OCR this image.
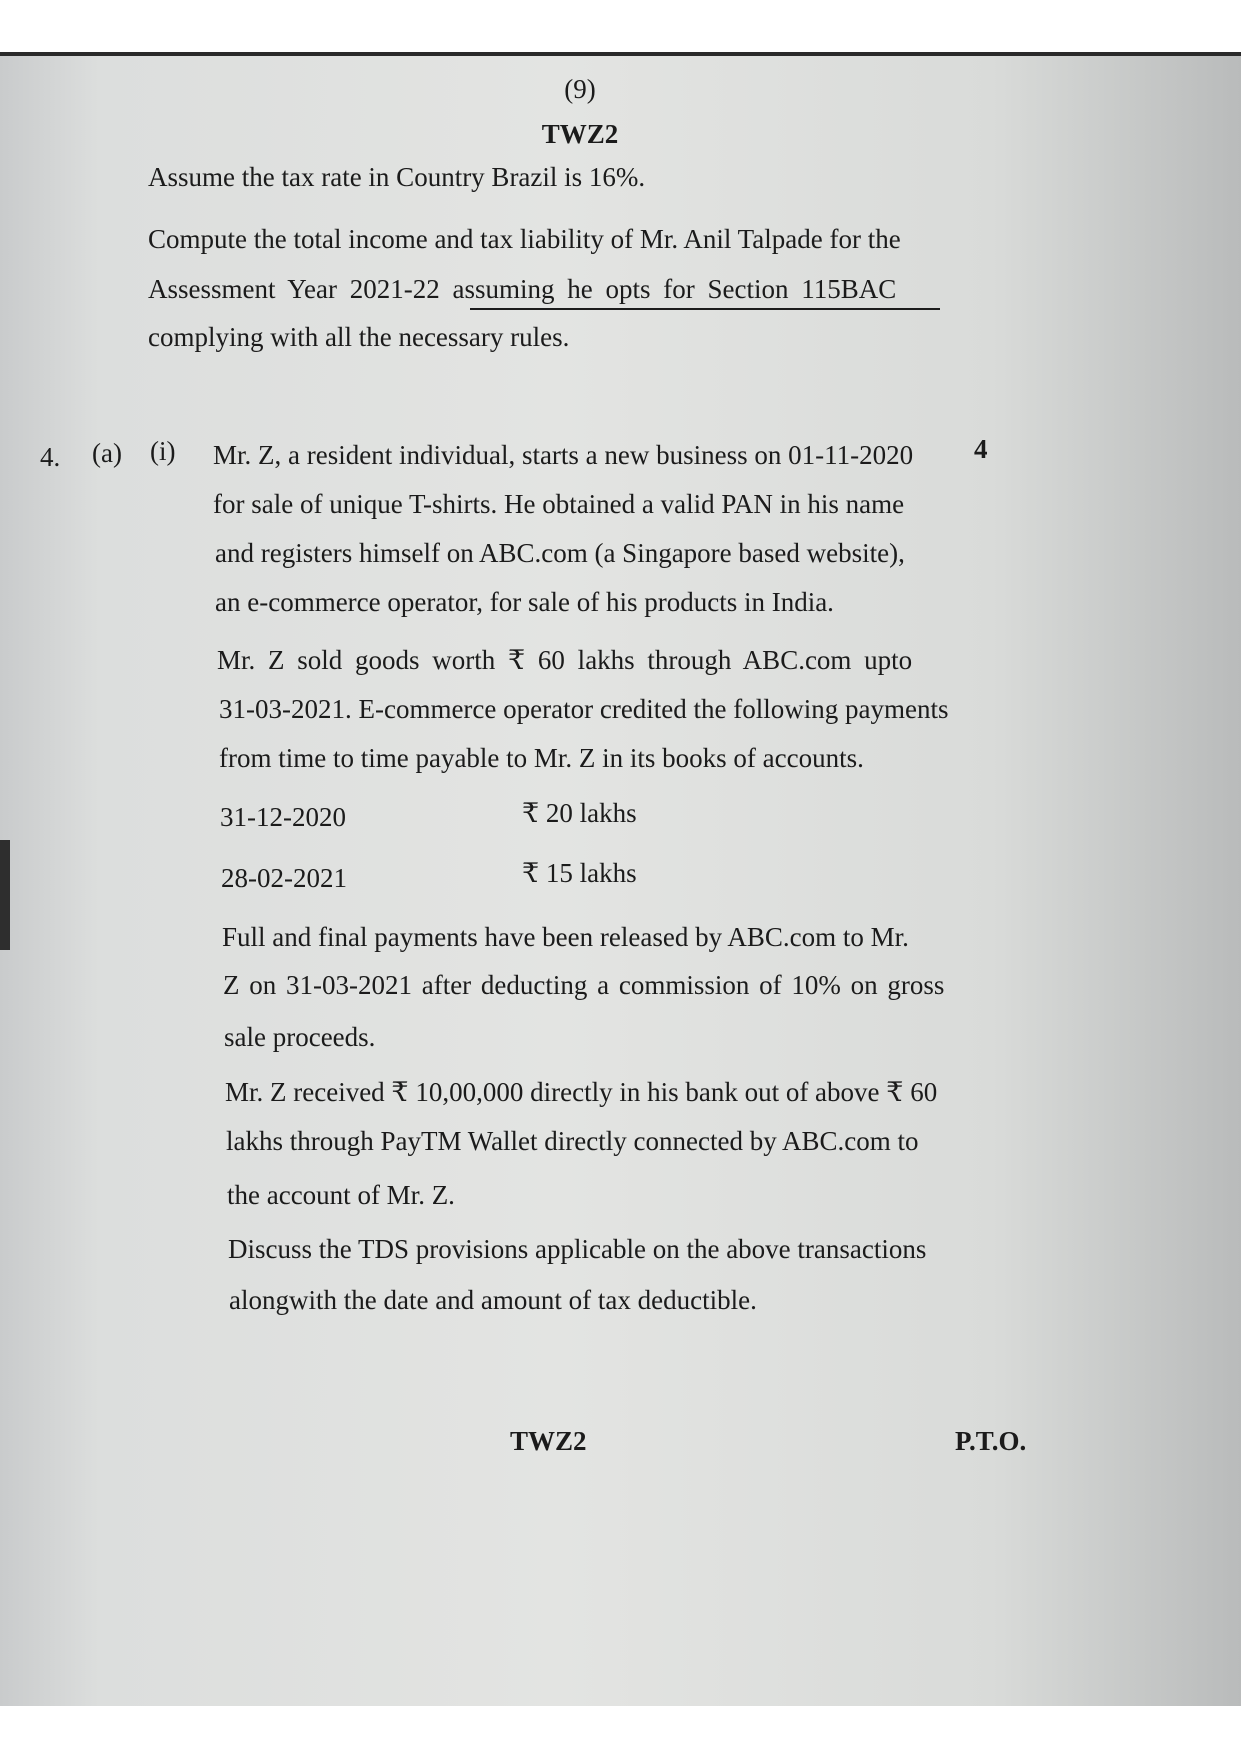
(9)
TWZ2
Assume the tax rate in Country Brazil is 16%.
Compute the total income and tax liability of Mr. Anil Talpade for the
Assessment Year 2021-22 assuming he opts for Section 115BAC
complying with all the necessary rules.
4. (a) (i)	4
Mr. Z, a resident individual, starts a new business on 01-11-2020
for sale of unique T-shirts. He obtained a valid PAN in his name
and registers himself on ABC.com (a Singapore based website),
an e-commerce operator, for sale of his products in India.
Mr. Z sold goods worth ₹ 60 lakhs through ABC.com upto
31-03-2021. E-commerce operator credited the following payments
from time to time payable to Mr. Z in its books of accounts.
31-12-2020	₹ 20 lakhs
28-02-2021	₹ 15 lakhs
Full and final payments have been released by ABC.com to Mr.
Z on 31-03-2021 after deducting a commission of 10% on gross
sale proceeds.
Mr. Z received ₹ 10,00,000 directly in his bank out of above ₹ 60
lakhs through PayTM Wallet directly connected by ABC.com to
the account of Mr. Z.
Discuss the TDS provisions applicable on the above transactions
alongwith the date and amount of tax deductible.
TWZ2	P.T.O.
